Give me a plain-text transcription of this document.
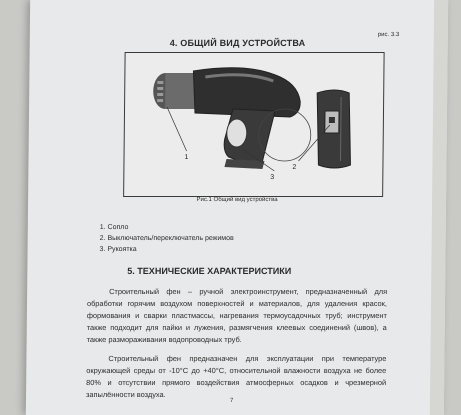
4. ОБЩИЙ ВИД УСТРОЙСТВА
рис. 3.3
1
2
3
Рис.1 Общий вид устройства
1. Сопло
2. Выключатель/переключатель режимов
3. Рукоятка
5. ТЕХНИЧЕСКИЕ ХАРАКТЕРИСТИКИ
Строительный фен – ручной электроинструмент, предназначенный для обработки горячим воздухом поверхностей и материалов, для удаления красок, формования и сварки пластмассы, нагревания термоусадочных труб; инструмент также подходит для пайки и лужения, размягчения клеевых соединений (швов), а также размораживания водопроводных труб.
Строительный фен предназначен для эксплуатации при температуре окружающей среды от -10°С до +40°С, относительной влажности воздуха не более 80% и отсутствии прямого воздействия атмосферных осадков и чрезмерной запылённости воздуха.
7
